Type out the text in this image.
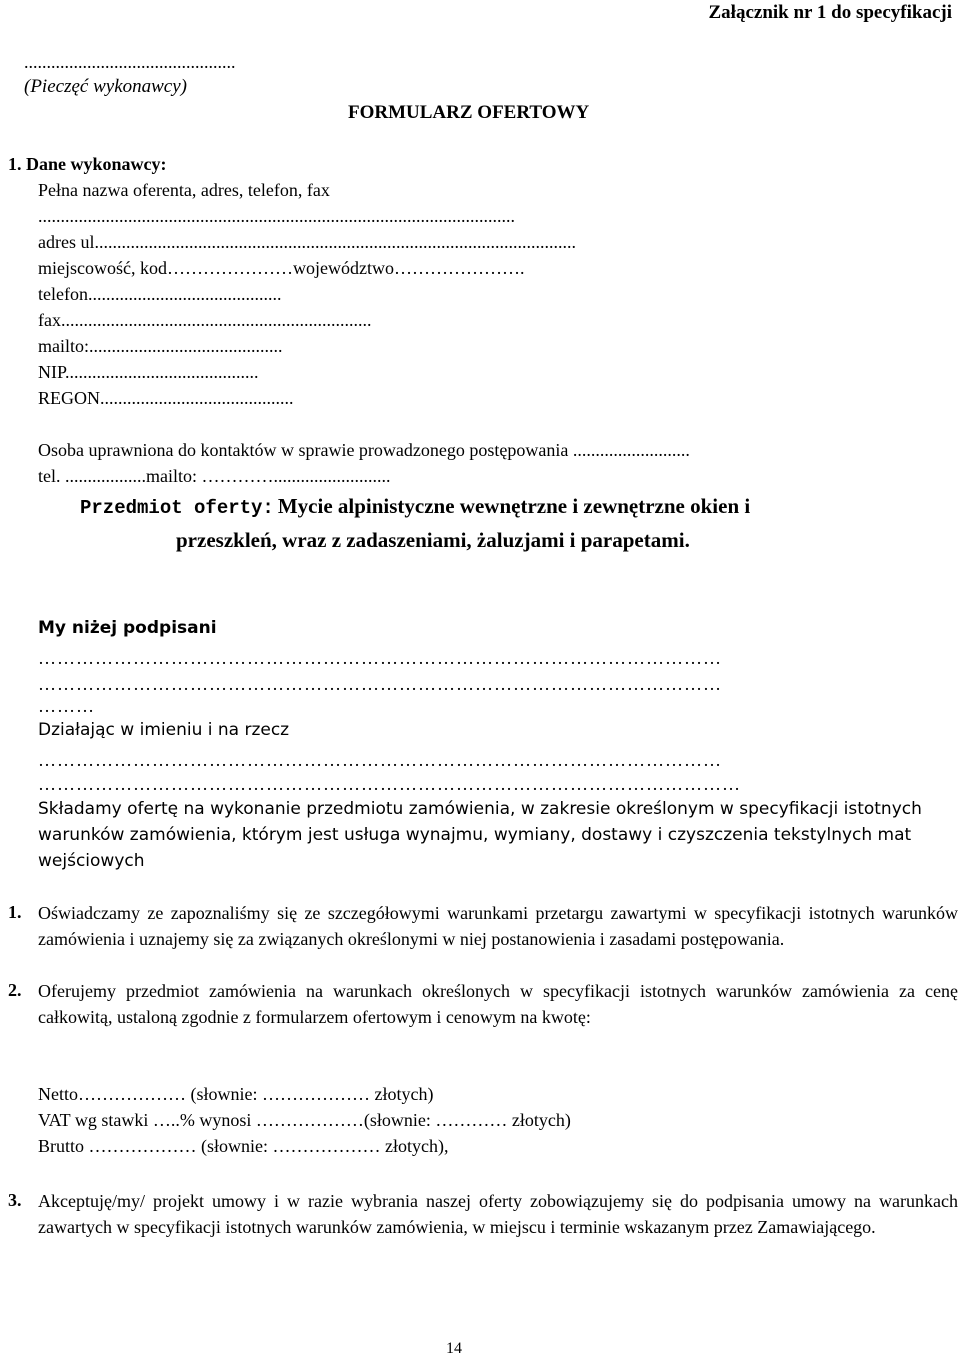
Załącznik nr 1 do specyfikacji
...............................................
(Pieczęć wykonawcy)
FORMULARZ OFERTOWY
1. Dane wykonawcy:
Pełna nazwa oferenta, adres, telefon, fax
..........................................................................................................
adres ul...........................................................................................................
miejscowość, kod…………………województwo………………….
telefon...........................................
fax.....................................................................
mailto:...........................................
NIP...........................................
REGON...........................................
Osoba uprawniona do kontaktów w sprawie prowadzonego postępowania ..........................
tel. ..................mailto: …………..........................
Przedmiot oferty: Mycie alpinistyczne wewnętrzne i zewnętrzne okien i
przeszkleń, wraz z zadaszeniami, żaluzjami i parapetami.
My niżej podpisani
………………………………………………………………………………………………
………………………………………………………………………………………………
………
Działając w imieniu i na rzecz
………………………………………………………………………………………………
…………………………………………………………………………………………………
Składamy ofertę na wykonanie przedmiotu zamówienia, w zakresie określonym w specyfikacji istotnych warunków zamówienia, którym jest usługa wynajmu, wymiany, dostawy i czyszczenia tekstylnych mat wejściowych
1. Oświadczamy ze zapoznaliśmy się ze szczegółowymi warunkami przetargu zawartymi w specyfikacji istotnych warunków zamówienia i uznajemy się za związanych określonymi w niej postanowienia i zasadami postępowania.
2. Oferujemy przedmiot zamówienia na warunkach określonych w specyfikacji istotnych warunków zamówienia za cenę całkowitą, ustaloną zgodnie z formularzem ofertowym i cenowym na kwotę:
Netto……………… (słownie: ……………… złotych)
VAT wg stawki …..% wynosi ………………(słownie: ………… złotych)
Brutto ……………… (słownie: ……………… złotych),
3. Akceptuję/my/ projekt umowy i w razie wybrania naszej oferty zobowiązujemy się do podpisania umowy na warunkach zawartych w specyfikacji istotnych warunków zamówienia, w miejscu i terminie wskazanym przez Zamawiającego.
14
